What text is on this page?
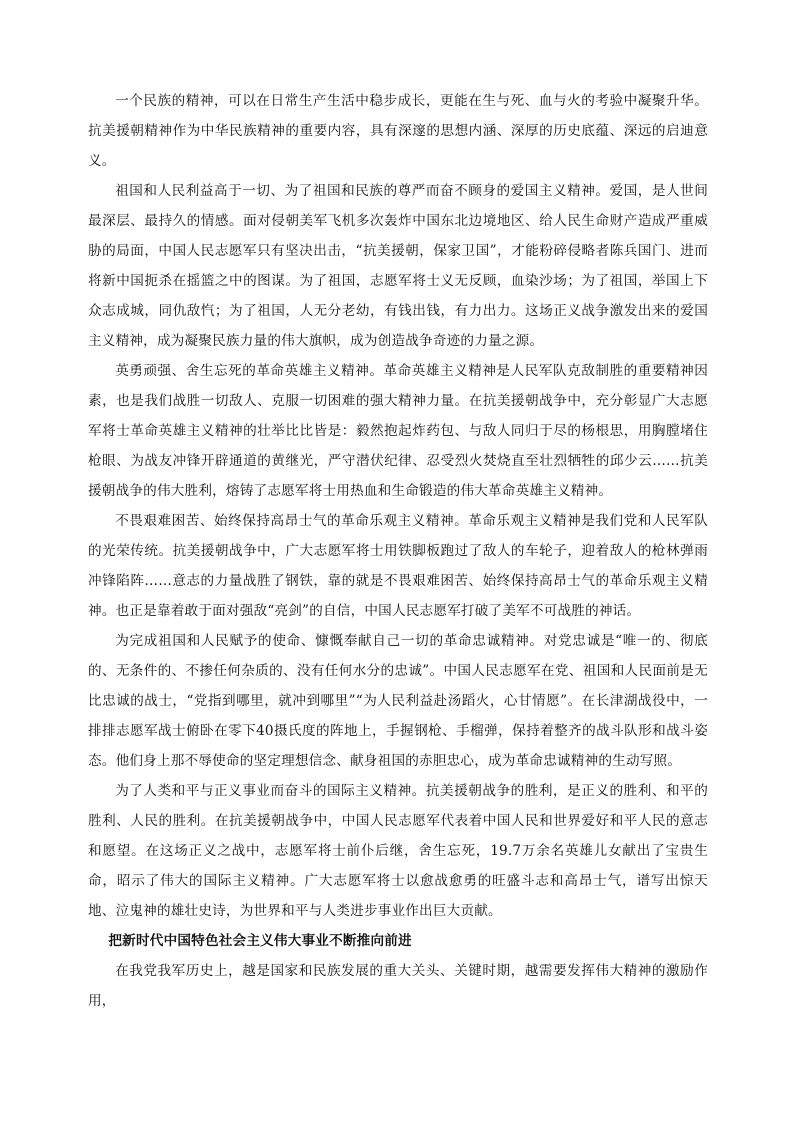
一个民族的精神，可以在日常生产生活中稳步成长，更能在生与死、血与火的考验中凝聚升华。抗美援朝精神作为中华民族精神的重要内容，具有深邃的思想内涵、深厚的历史底蕴、深远的启迪意义。

祖国和人民利益高于一切、为了祖国和民族的尊严而奋不顾身的爱国主义精神。爱国，是人世间最深层、最持久的情感。面对侵朝美军飞机多次轰炸中国东北边境地区、给人民生命财产造成严重威胁的局面，中国人民志愿军只有坚决出击，“抗美援朝，保家卫国”，才能粉碎侵略者陈兵国门、进而将新中国扼杀在摇篮之中的图谋。为了祖国，志愿军将士义无反顾，血染沙场；为了祖国，举国上下众志成城，同仇敌忾；为了祖国，人无分老幼，有钱出钱，有力出力。这场正义战争激发出来的爱国主义精神，成为凝聚民族力量的伟大旗帜，成为创造战争奇迹的力量之源。

英勇顽强、舍生忘死的革命英雄主义精神。革命英雄主义精神是人民军队克敌制胜的重要精神因素，也是我们战胜一切敌人、克服一切困难的强大精神力量。在抗美援朝战争中，充分彰显广大志愿军将士革命英雄主义精神的壮举比比皆是：毅然抱起炸药包、与敌人同归于尽的杨根思，用胸膛堵住枪眼、为战友冲锋开辟通道的黄继光，严守潜伏纪律、忍受烈火焚烧直至壮烈牺牲的邱少云……抗美援朝战争的伟大胜利，熔铸了志愿军将士用热血和生命锻造的伟大革命英雄主义精神。

不畏艰难困苦、始终保持高昂士气的革命乐观主义精神。革命乐观主义精神是我们党和人民军队的光荣传统。抗美援朝战争中，广大志愿军将士用铁脚板跑过了敌人的车轮子，迎着敌人的枪林弹雨冲锋陷阵……意志的力量战胜了钢铁，靠的就是不畏艰难困苦、始终保持高昂士气的革命乐观主义精神。也正是靠着敢于面对强敌“亮剑”的自信，中国人民志愿军打破了美军不可战胜的神话。

为完成祖国和人民赋予的使命、慷慨奉献自己一切的革命忠诚精神。对党忠诚是“唯一的、彻底的、无条件的、不掺任何杂质的、没有任何水分的忠诚”。中国人民志愿军在党、祖国和人民面前是无比忠诚的战士，“党指到哪里，就冲到哪里”“为人民利益赴汤蹈火，心甘情愿”。在长津湖战役中，一排排志愿军战士俯卧在零下40摄氏度的阵地上，手握钢枪、手榴弹，保持着整齐的战斗队形和战斗姿态。他们身上那不辱使命的坚定理想信念、献身祖国的赤胆忠心，成为革命忠诚精神的生动写照。

为了人类和平与正义事业而奋斗的国际主义精神。抗美援朝战争的胜利，是正义的胜利、和平的胜利、人民的胜利。在抗美援朝战争中，中国人民志愿军代表着中国人民和世界爱好和平人民的意志和愿望。在这场正义之战中，志愿军将士前仆后继，舍生忘死，19.7万余名英雄儿女献出了宝贵生命，昭示了伟大的国际主义精神。广大志愿军将士以愈战愈勇的旺盛斗志和高昂士气，谱写出惊天地、泣鬼神的雄壮史诗，为世界和平与人类进步事业作出巨大贡献。

把新时代中国特色社会主义伟大事业不断推向前进

在我党我军历史上，越是国家和民族发展的重大关头、关键时期，越需要发挥伟大精神的激励作用，
